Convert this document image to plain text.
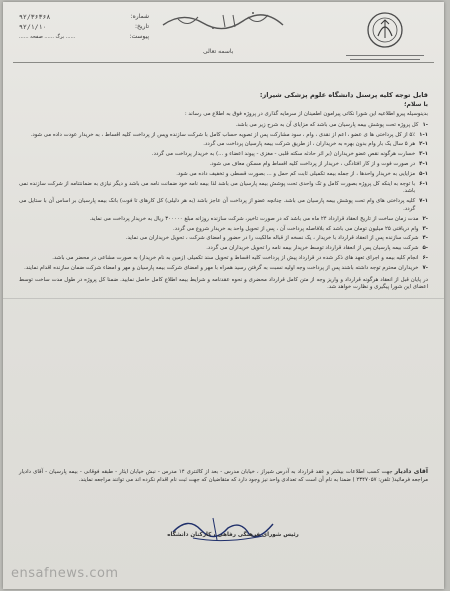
شماره:
۹۲/۳۶۳۶۸
تاریخ:
۹۲/۱/۱۰
پیوست:
...... برگ ...... صفحه ......
باسمه تعالی
قابل توجه کلیه پرسنل دانشگاه علوم پزشکی شیراز:
با سلام؛

بدینوسیله پیرو اطلاعیه این شورا نکاتی پیرامون اطمینان از سرمایه گذاری در پروژه فوق به اطلاع می رساند :

۱-
کل پروژه تحت پوشش بیمه پارسیان می باشد که مزایای آن به شرح زیر می باشد.
۱-۱
۵٪ از کل پرداختی ها ی عضو ، اعم از نقدی ، وام ، سود مشارکت پس از تصویه حساب کامل با شرکت سازنده ویس از پرداخت کلیه اقساط ، به خریدار عودت داده می شود.
۲-۱
هر ۵ سال یک بار وام بدون بهره به خریداران ، از طریق شرکت بیمه پارسیان پرداخت می گردد.
۳-۱
خسارت هرگونه نقص عضو خریداران (بر اثر حادثه سکته قلبی - مغزی - پیوند اعضاء و ...) به خریدار پرداخت می گردد.
۴-۱
در صورت فوت و از کار افتادگی ، خریدار از پرداخت کلیه اقساط وام مسکن معاف می شود.
۵-۱
مزایایی به خریدار واحدها ، از جمله بیمه تکمیلی ثابت کم حمل و ... بصورت قسطی و تخفیف داده می شود.
۶-۱
با توجه به اینکه کل پروژه بصورت کامل و تک واحدی تحت پوشش بیمه پارسیان می باشد لذا بیمه نامه خود ضمانت نامه می باشد و دیگر نیازی به ضمانتنامه از شرکت سازنده نمی باشد.
۷-۱
کلیه پرداختی های وام تحت پوشش بیمه پارسیان می باشد. چنانچه عضو از پرداخت آن عاجز باشد (به هر دلیلی) کل کارهای تا فوت) بانک بیمه پارسیان بر اساس آن با ستایل می گردد.
۲-
مدت زمان ساخت از تاریخ انعقاد قرارداد ۲۴ ماه می باشد که در صورت تاخیر، شرکت سازنده روزانه مبلغ ۳۰۰۰۰۰ ریال به خریدار پرداخت می نماید.
۳-
وام دریافتی ۲۵ میلیون تومان می باشد که بلافاصله پرداخت آن ، پس از تحویل واحد به خریدار شروع می گردد.
۴-
شرکت سازنده پس از انعقاد قرارداد با خریدار ، یک نسخه از قباله مالکیت را در حضور و امضای شرکت ، تحویل خریداران می نماید.
۵-
شرکت بیمه پارسیان پس از انعقاد قرارداد توسط خریدار بیمه نامه را تحویل خریداران می گردد.
۶-
انجام کلیه بیمه و اجرای تعهد های ذکر شده در قرارداد پیش از پرداخت کلیه اقساط و تحویل سند تکمیلی (زمین به نام خریدار) به صورت مشاعی در محضر می باشد.
۷-
خریداران محترم توجه داشته باشند پس از پرداخت وجه اولیه نسبت به گرفتن رسید همراه با مهر و امضای شرکت بیمه پارسیان و مهر و امضاء شرکت ضمان سازنده اقدام نمایند.

در پایان قبل از انعقاد هرگونه قرارداد و واریز وجه از متن کامل قرارداد محضری و نحوه عقدنامه و شرایط بیمه اطلاع کامل حاصل نمایید. ضمنا کل پروژه در طول مدت ساخت توسط اعضای این شورا پیگیری و نظارت خواهد شد.

آقای دادیار جهت کسب اطلاعات بیشتر و عقد قرارداد به آدرس شیراز ، خیابان مدرس - بعد از کالنتری ۱۴ مدرس - نبش خیابان ایثار - طبقه فوقانی - بیمه پارسیان - آقای دادیار مراجعه فرمائید( تلفن: ۲۳۴۷۰۵۷ ) ضمنا به نام آن است که تعدادی واحد نیز وجود دارد که متقاضیان که جهت ثبت نام اقدام نکرده اند می توانند مراجعه نمایند.
رئیس شورای فرهنگی رفاهی ، کارکنان دانشگاه
ensafnews.com
